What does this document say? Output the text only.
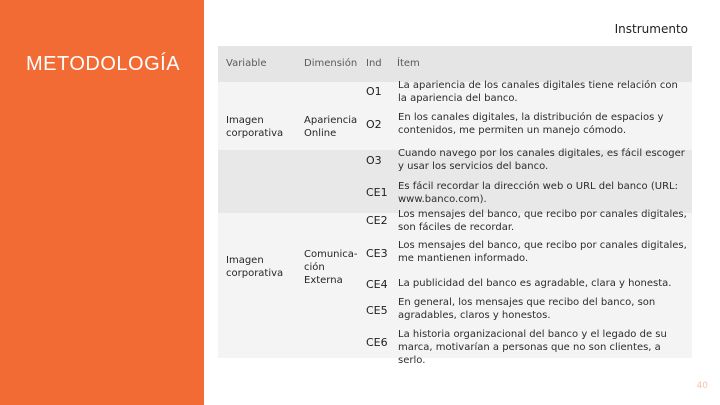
METODOLOGÍA
Instrumento
Variable	Dimensión Ind Ítem
Imagen corporativa
Apariencia Online
O1 La apariencia de los canales digitales tiene relación con la apariencia del banco.
O2
En los canales digitales, la distribución de espacios y contenidos, me permiten un manejo cómodo.
O3
Cuando navego por los canales digitales, es fácil escoger y usar los servicios del banco.
Imagen corporativa
Comunica-ción Externa
CE1 Es fácil recordar la dirección web o URL del banco (URL: www.banco.com).
CE2 Los mensajes del banco, que recibo por canales digitales, son fáciles de recordar.
CE3
Los mensajes del banco, que recibo por canales digitales, me mantienen informado.
CE4 La publicidad del banco es agradable, clara y honesta.
CE5
En general, los mensajes que recibo del banco, son agradables, claros y honestos.
CE6
La historia organizacional del banco y el legado de su marca, motivarían a personas que no son clientes, a serlo.
40
